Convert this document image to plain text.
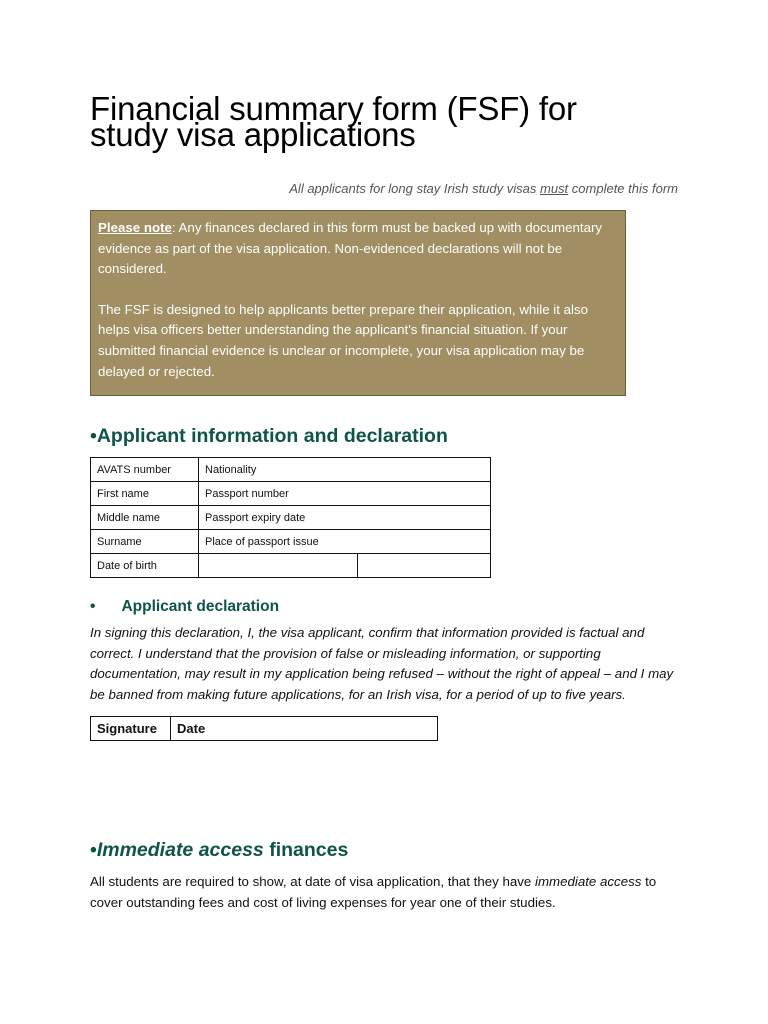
Financial summary form (FSF) for
study visa applications
All applicants for long stay Irish study visas must complete this form

Please note: Any finances declared in this form must be backed up with documentary evidence as part of the visa application. Non-evidenced declarations will not be considered.

The FSF is designed to help applicants better prepare their application, while it also helps visa officers better understanding the applicant's financial situation. If your submitted financial evidence is unclear or incomplete, your visa application may be delayed or rejected.

•Applicant information and declaration
AVATS number	Nationality	
First name	Passport number	
Middle name	Passport expiry date	
Surname	Place of passport issue	
Date of birth		
• Applicant declaration
In signing this declaration, I, the visa applicant, confirm that information provided is factual and correct. I understand that the provision of false or misleading information, or supporting documentation, may result in my application being refused – without the right of appeal – and I may be banned from making future applications, for an Irish visa, for a period of up to five years.
Signature	Date
•Immediate access finances
All students are required to show, at date of visa application, that they have immediate access to cover outstanding fees and cost of living expenses for year one of their studies.
